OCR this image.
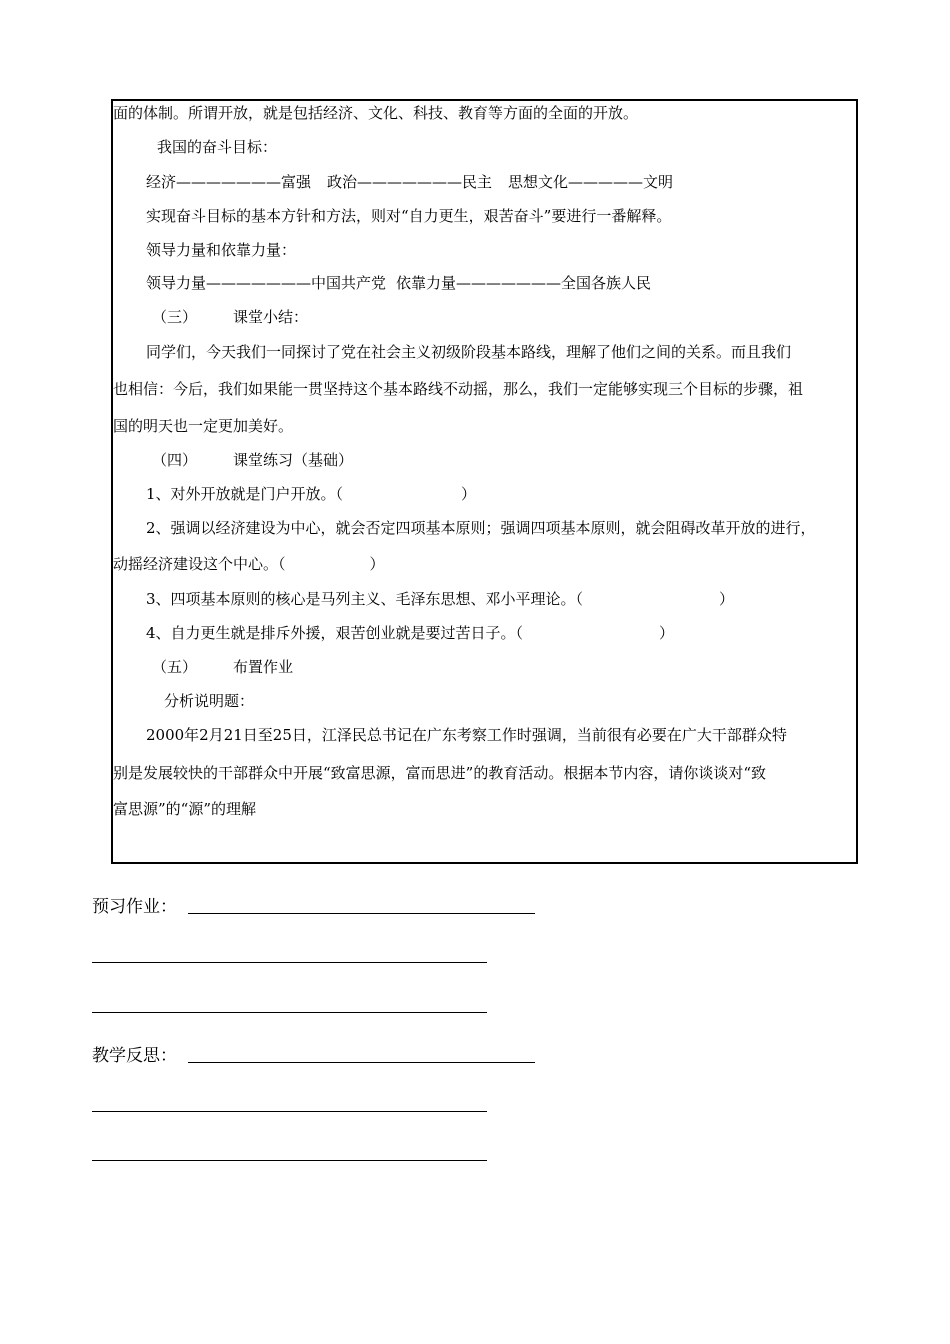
面的体制。所谓开放，就是包括经济、文化、科技、教育等方面的全面的开放。
我国的奋斗目标：
经济———————富强 政治———————民主 思想文化—————文明
实现奋斗目标的基本方针和方法，则对“自力更生，艰苦奋斗”要进行一番解释。
领导力量和依靠力量：
领导力量———————中国共产党 依靠力量———————全国各族人民
（三） 课堂小结：
同学们，今天我们一同探讨了党在社会主义初级阶段基本路线，理解了他们之间的关系。而且我们
也相信：今后，我们如果能一贯坚持这个基本路线不动摇，那么，我们一定能够实现三个目标的步骤，祖
国的明天也一定更加美好。
（四） 课堂练习（基础）
1、对外开放就是门户开放。（	）
2、强调以经济建设为中心，就会否定四项基本原则；强调四项基本原则，就会阻碍改革开放的进行，
动摇经济建设这个中心。（	）
3、四项基本原则的核心是马列主义、毛泽东思想、邓小平理论。（	）
4、自力更生就是排斥外援，艰苦创业就是要过苦日子。（	）
（五） 布置作业
分析说明题：
2000年2月21日至25日，江泽民总书记在广东考察工作时强调，当前很有必要在广大干部群众特
别是发展较快的干部群众中开展“致富思源，富而思进”的教育活动。根据本节内容，请你谈谈对“致
富思源”的“源”的理解
预习作业：
教学反思：
